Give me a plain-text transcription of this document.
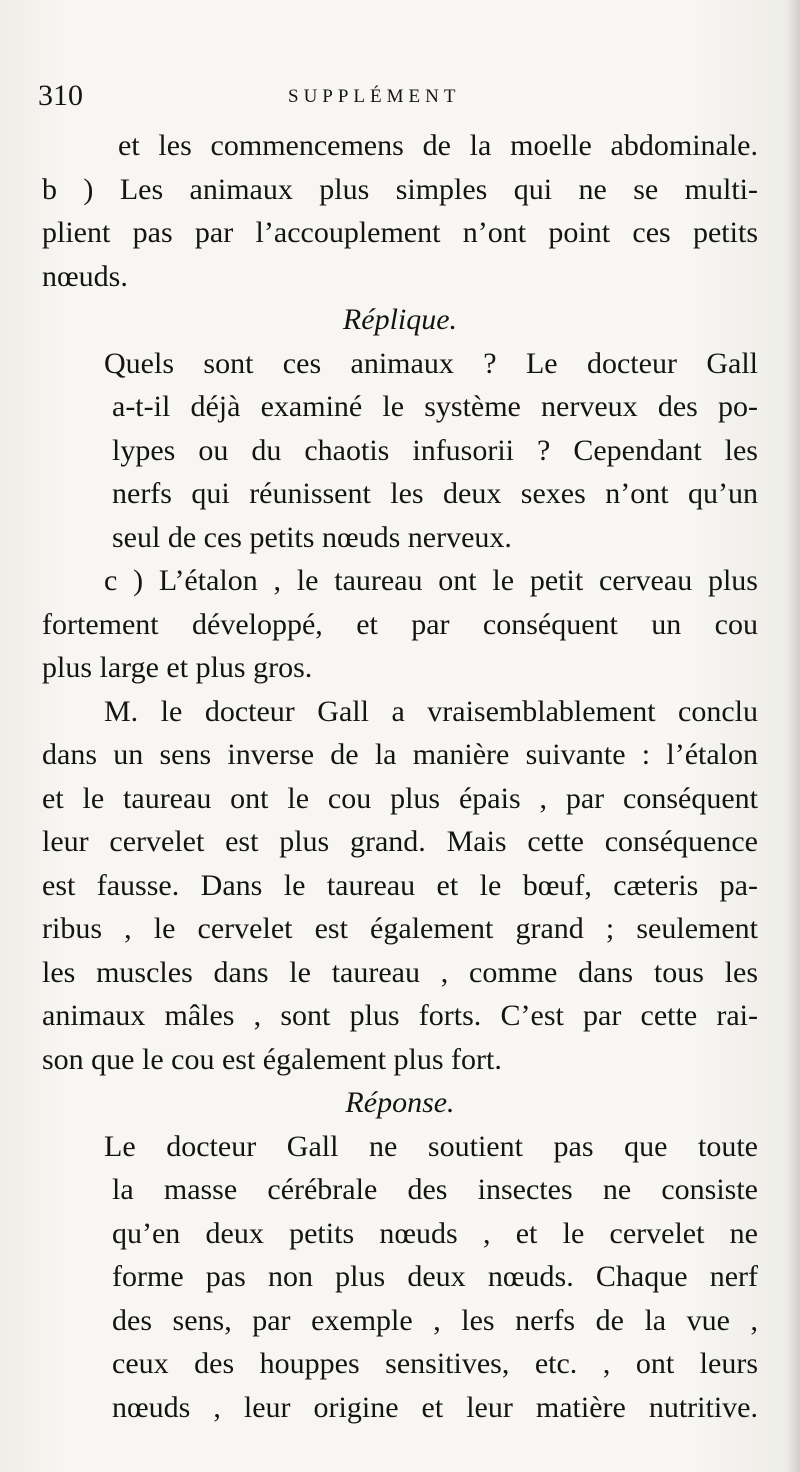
310	SUPPLÉMENT
et les commencemens de la moelle abdominale.
b ) Les animaux plus simples qui ne se multi-
plient pas par l’accouplement n’ont point ces petits
nœuds.
Réplique.
Quels sont ces animaux ? Le docteur Gall
a-t-il déjà examiné le système nerveux des po-
lypes ou du chaotis infusorii ? Cependant les
nerfs qui réunissent les deux sexes n’ont qu’un
seul de ces petits nœuds nerveux.
c ) L’étalon , le taureau ont le petit cerveau plus
fortement développé, et par conséquent un cou
plus large et plus gros.
M. le docteur Gall a vraisemblablement conclu
dans un sens inverse de la manière suivante : l’étalon
et le taureau ont le cou plus épais , par conséquent
leur cervelet est plus grand. Mais cette conséquence
est fausse. Dans le taureau et le bœuf, cæteris pa-
ribus , le cervelet est également grand ; seulement
les muscles dans le taureau , comme dans tous les
animaux mâles , sont plus forts. C’est par cette rai-
son que le cou est également plus fort.
Réponse.
Le docteur Gall ne soutient pas que toute
la masse cérébrale des insectes ne consiste
qu’en deux petits nœuds , et le cervelet ne
forme pas non plus deux nœuds. Chaque nerf
des sens, par exemple , les nerfs de la vue ,
ceux des houppes sensitives, etc. , ont leurs
nœuds , leur origine et leur matière nutritive.
